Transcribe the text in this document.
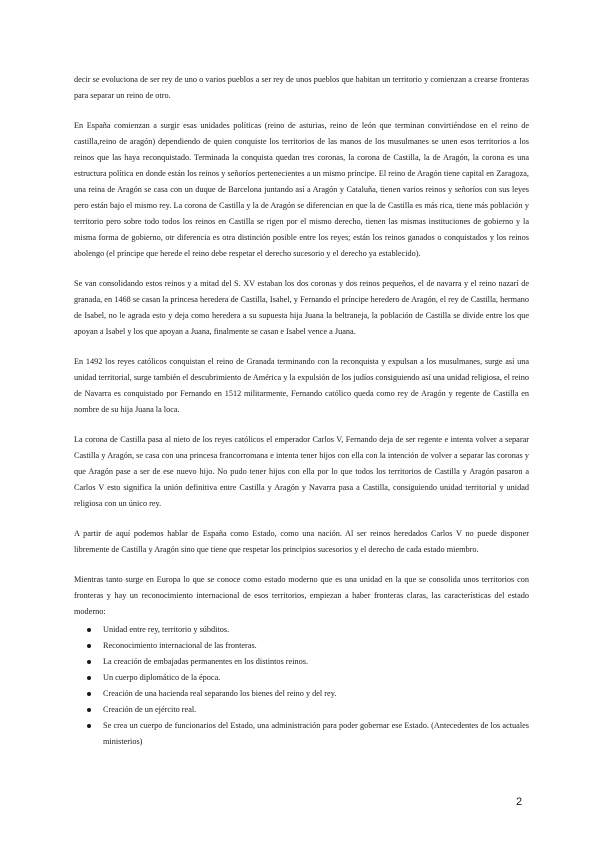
decir se evoluciona de ser rey de uno o varios pueblos a ser rey de unos pueblos que habitan un territorio y comienzan a crearse fronteras para separar un reino de otro.

En España comienzan a surgir esas unidades políticas (reino de asturias, reino de león que terminan convirtiéndose en el reino de castilla,reino de aragón) dependiendo de quien conquiste los territorios de las manos de los musulmanes se unen esos territorios a los reinos que las haya reconquistado. Terminada la conquista quedan tres coronas, la corona de Castilla, la de Aragón, la corona es una estructura política en donde están los reinos y señoríos pertenecientes a un mismo príncipe. El reino de Aragón tiene capital en Zaragoza, una reina de Aragón se casa con un duque de Barcelona juntando así a Aragón y Cataluña, tienen varios reinos y señoríos con sus leyes pero están bajo el mismo rey. La corona de Castilla y la de Aragón se diferencian en que la de Castilla es más rica, tiene más población y territorio pero sobre todo todos los reinos en Castilla se rigen por el mismo derecho, tienen las mismas instituciones de gobierno y la misma forma de gobierno, otr diferencia es otra distinción posible entre los reyes; están los reinos ganados o conquistados y los reinos abolengo (el príncipe que herede el reino debe respetar el derecho sucesorio y el derecho ya establecido).

Se van consolidando estos reinos y a mitad del S. XV estaban los dos coronas y dos reinos pequeños, el de navarra y el reino nazarí de granada, en 1468 se casan la princesa heredera de Castilla, Isabel, y Fernando el príncipe heredero de Aragón, el rey de Castilla, hermano de Isabel, no le agrada esto y deja como heredera a su supuesta hija Juana la beltraneja, la población de Castilla se divide entre los que apoyan a Isabel y los que apoyan a Juana, finalmente se casan e Isabel vence a Juana.

En 1492 los reyes católicos conquistan el reino de Granada terminando con la reconquista y expulsan a los musulmanes, surge así una unidad territorial, surge también el descubrimiento de América y la expulsión de los judíos consiguiendo así una unidad religiosa, el reino de Navarra es conquistado por Fernando en 1512 militarmente, Fernando católico queda como rey de Aragón y regente de Castilla en nombre de su hija Juana la loca.

La corona de Castilla pasa al nieto de los reyes católicos el emperador Carlos V, Fernando deja de ser regente e intenta volver a separar Castilla y Aragón, se casa con una princesa francorromana e intenta tener hijos con ella con la intención de volver a separar las coronas y que Aragón pase a ser de ese nuevo hijo. No pudo tener hijos con ella por lo que todos los territorios de Castilla y Aragón pasaron a Carlos V esto significa la unión definitiva entre Castilla y Aragón y Navarra pasa a Castilla, consiguiendo unidad territorial y unidad religiosa con un único rey.

A partir de aquí podemos hablar de España como Estado, como una nación. Al ser reinos heredados Carlos V no puede disponer libremente de Castilla y Aragón sino que tiene que respetar los principios sucesorios y el derecho de cada estado miembro.

Mientras tanto surge en Europa lo que se conoce como estado moderno que es una unidad en la que se consolida unos territorios con fronteras y hay un reconocimiento internacional de esos territorios, empiezan a haber fronteras claras, las características del estado moderno:

Unidad entre rey, territorio y súbditos.
Reconocimiento internacional de las fronteras.
La creación de embajadas permanentes en los distintos reinos.
Un cuerpo diplomático de la época.
Creación de una hacienda real separando los bienes del reino y del rey.
Creación de un ejército real.
Se crea un cuerpo de funcionarios del Estado, una administración para poder gobernar ese Estado. (Antecedentes de los actuales ministerios)
2
